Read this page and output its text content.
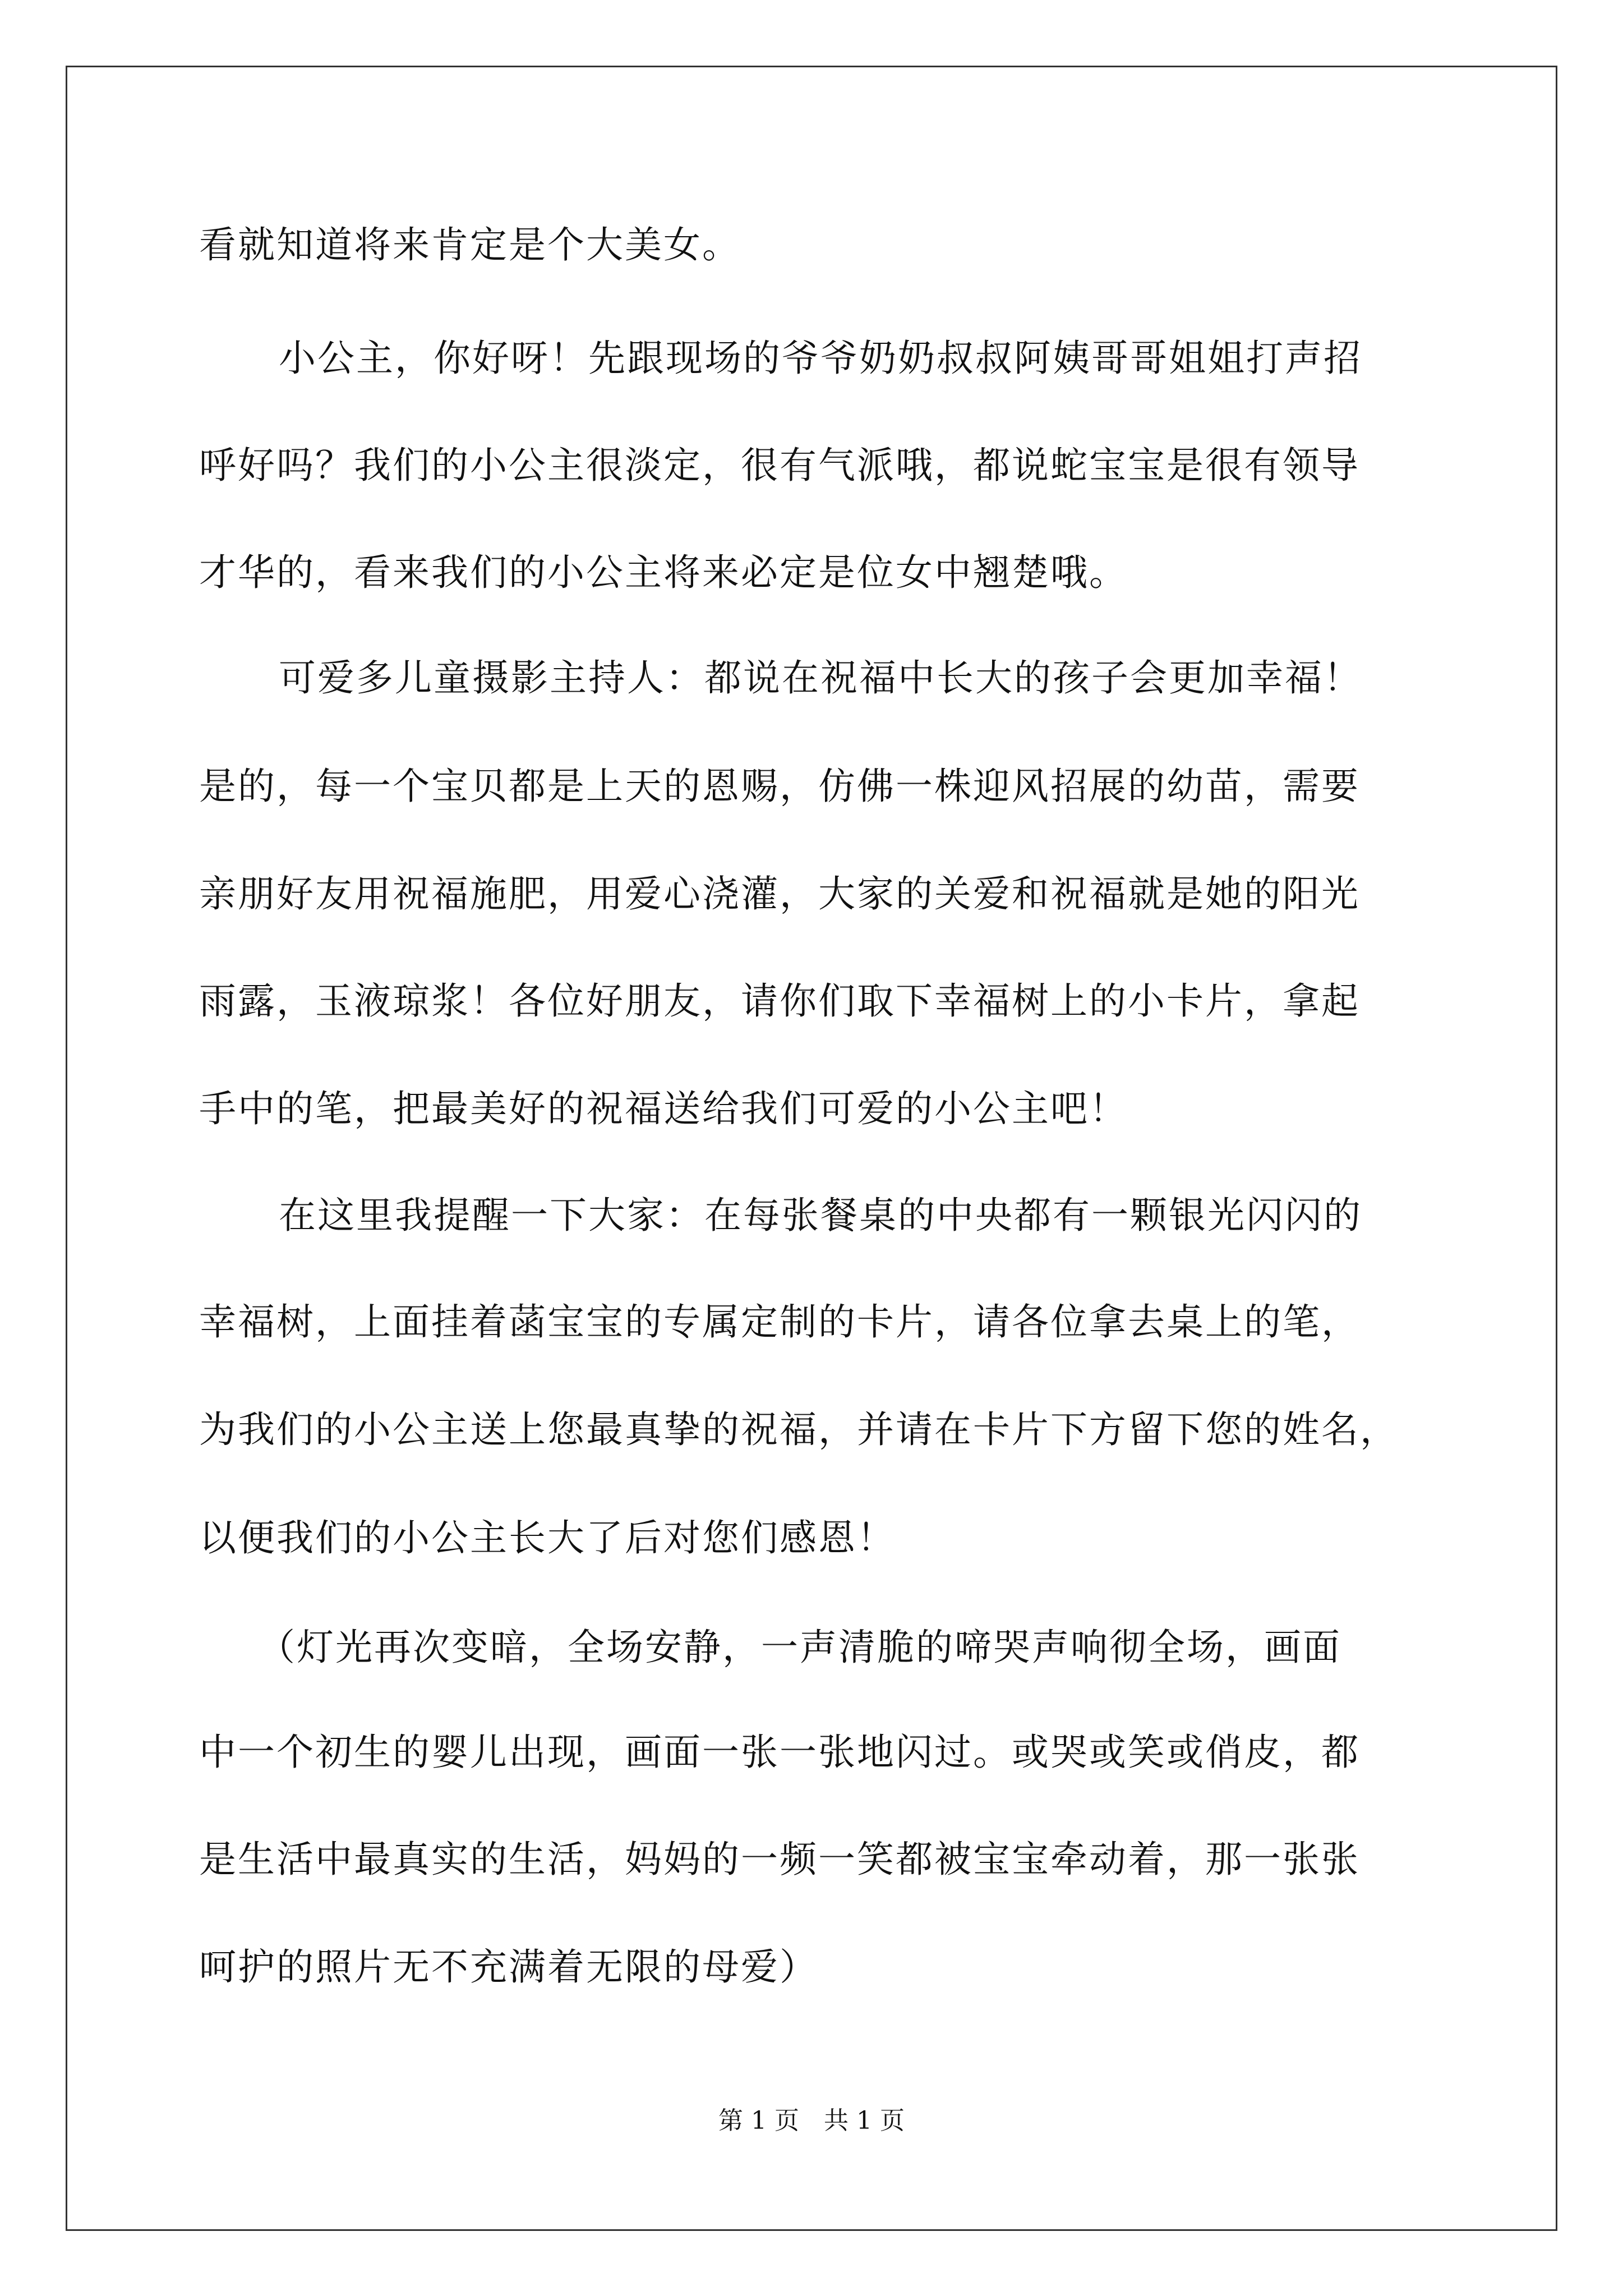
看就知道将来肯定是个大美女。
小公主，你好呀！先跟现场的爷爷奶奶叔叔阿姨哥哥姐姐打声招
呼好吗？我们的小公主很淡定，很有气派哦，都说蛇宝宝是很有领导
才华的，看来我们的小公主将来必定是位女中翘楚哦。
可爱多儿童摄影主持人：都说在祝福中长大的孩子会更加幸福！
是的，每一个宝贝都是上天的恩赐，仿佛一株迎风招展的幼苗，需要
亲朋好友用祝福施肥，用爱心浇灌，大家的关爱和祝福就是她的阳光
雨露，玉液琼浆！各位好朋友，请你们取下幸福树上的小卡片，拿起
手中的笔，把最美好的祝福送给我们可爱的小公主吧！
在这里我提醒一下大家：在每张餐桌的中央都有一颗银光闪闪的
幸福树，上面挂着菡宝宝的专属定制的卡片，请各位拿去桌上的笔，
为我们的小公主送上您最真挚的祝福，并请在卡片下方留下您的姓名，
以便我们的小公主长大了后对您们感恩！
（灯光再次变暗，全场安静，一声清脆的啼哭声响彻全场，画面
中一个初生的婴儿出现，画面一张一张地闪过。或哭或笑或俏皮，都
是生活中最真实的生活，妈妈的一频一笑都被宝宝牵动着，那一张张
呵护的照片无不充满着无限的母爱）
第 1 页　共 1 页
